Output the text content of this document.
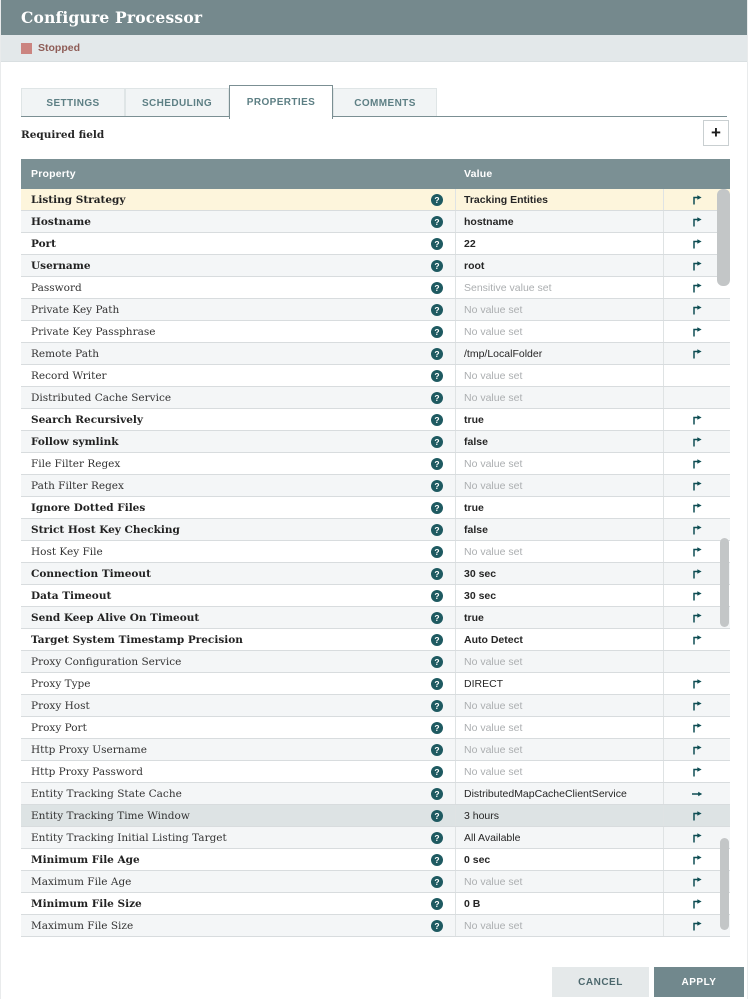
Configure Processor
Stopped
SETTINGS	SCHEDULING	PROPERTIES	COMMENTS
Required field	+
Property	Value
Listing Strategy	?	Tracking Entities
Hostname	?	hostname
Port	?	22
Username	?	root
Password	?	Sensitive value set
Private Key Path	?	No value set
Private Key Passphrase	?	No value set
Remote Path	?	/tmp/LocalFolder
Record Writer	?	No value set
Distributed Cache Service	?	No value set
Search Recursively	?	true
Follow symlink	?	false
File Filter Regex	?	No value set
Path Filter Regex	?	No value set
Ignore Dotted Files	?	true
Strict Host Key Checking	?	false
Host Key File	?	No value set
Connection Timeout	?	30 sec
Data Timeout	?	30 sec
Send Keep Alive On Timeout	?	true
Target System Timestamp Precision	?	Auto Detect
Proxy Configuration Service	?	No value set
Proxy Type	?	DIRECT
Proxy Host	?	No value set
Proxy Port	?	No value set
Http Proxy Username	?	No value set
Http Proxy Password	?	No value set
Entity Tracking State Cache	?	DistributedMapCacheClientService
Entity Tracking Time Window	?	3 hours
Entity Tracking Initial Listing Target	?	All Available
Minimum File Age	?	0 sec
Maximum File Age	?	No value set
Minimum File Size	?	0 B
Maximum File Size	?	No value set
CANCEL	APPLY
